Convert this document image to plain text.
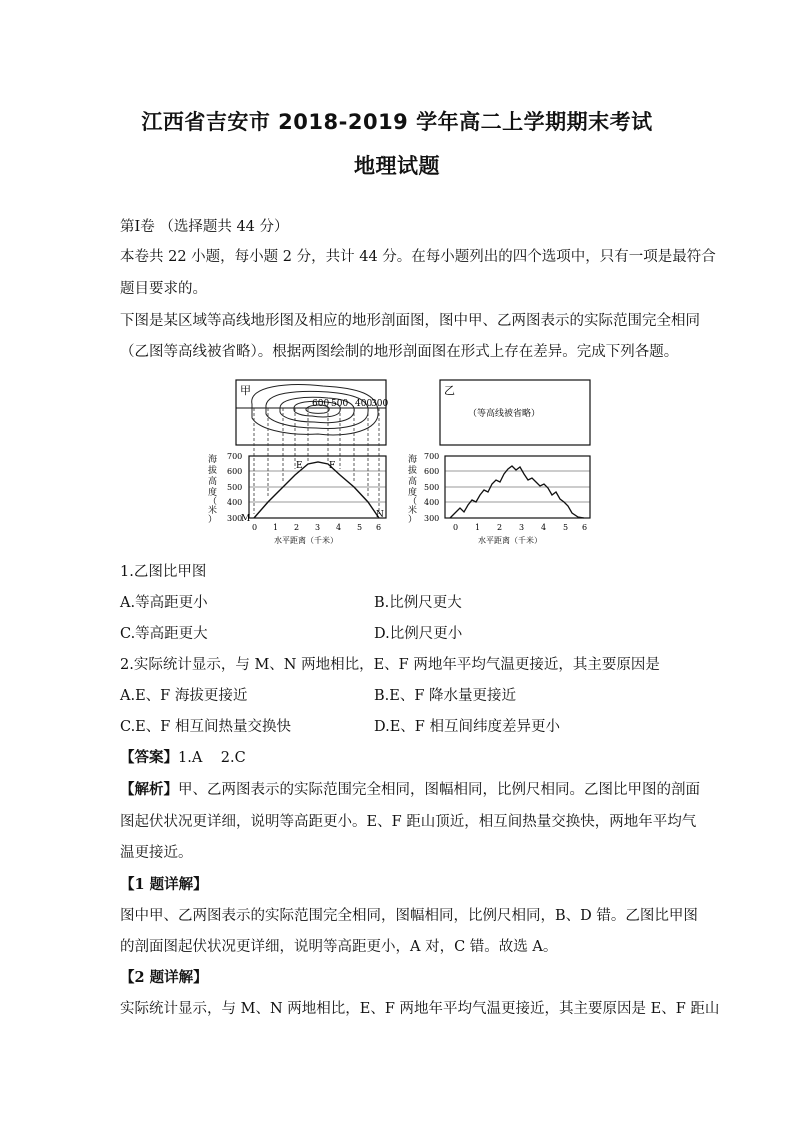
江西省吉安市 2018-2019 学年高二上学期期末考试
地理试题
第Ⅰ卷 （选择题共 44 分）
本卷共 22 小题，每小题 2 分，共计 44 分。在每小题列出的四个选项中，只有一项是最符合
题目要求的。
下图是某区域等高线地形图及相应的地形剖面图，图中甲、乙两图表示的实际范围完全相同
（乙图等高线被省略）。根据两图绘制的地形剖面图在形式上存在差异。完成下列各题。
甲
600 500 400
300
M	N
E	F
海
拔
高
度
（
米
）
700
600
500
400
300
0 1 2 3 4 5 6
水平距离（千米）
乙
（等高线被省略）
海
拔
高
度
（
米
）
700
600
500
400
300
0 1 2 3 4 5 6
水平距离（千米）
1.乙图比甲图
A.等高距更小	B.比例尺更大
C.等高距更大	D.比例尺更小
2.实际统计显示，与 M、N 两地相比，E、F 两地年平均气温更接近，其主要原因是
A.E、F 海拔更接近	B.E、F 降水量更接近
C.E、F 相互间热量交换快	D.E、F 相互间纬度差异更小
【答案】1.A    2.C
【解析】甲、乙两图表示的实际范围完全相同，图幅相同，比例尺相同。乙图比甲图的剖面
图起伏状况更详细，说明等高距更小。E、F 距山顶近，相互间热量交换快，两地年平均气
温更接近。
【1 题详解】
图中甲、乙两图表示的实际范围完全相同，图幅相同，比例尺相同，B、D 错。乙图比甲图
的剖面图起伏状况更详细，说明等高距更小，A 对，C 错。故选 A。
【2 题详解】
实际统计显示，与 M、N 两地相比，E、F 两地年平均气温更接近，其主要原因是 E、F 距山
